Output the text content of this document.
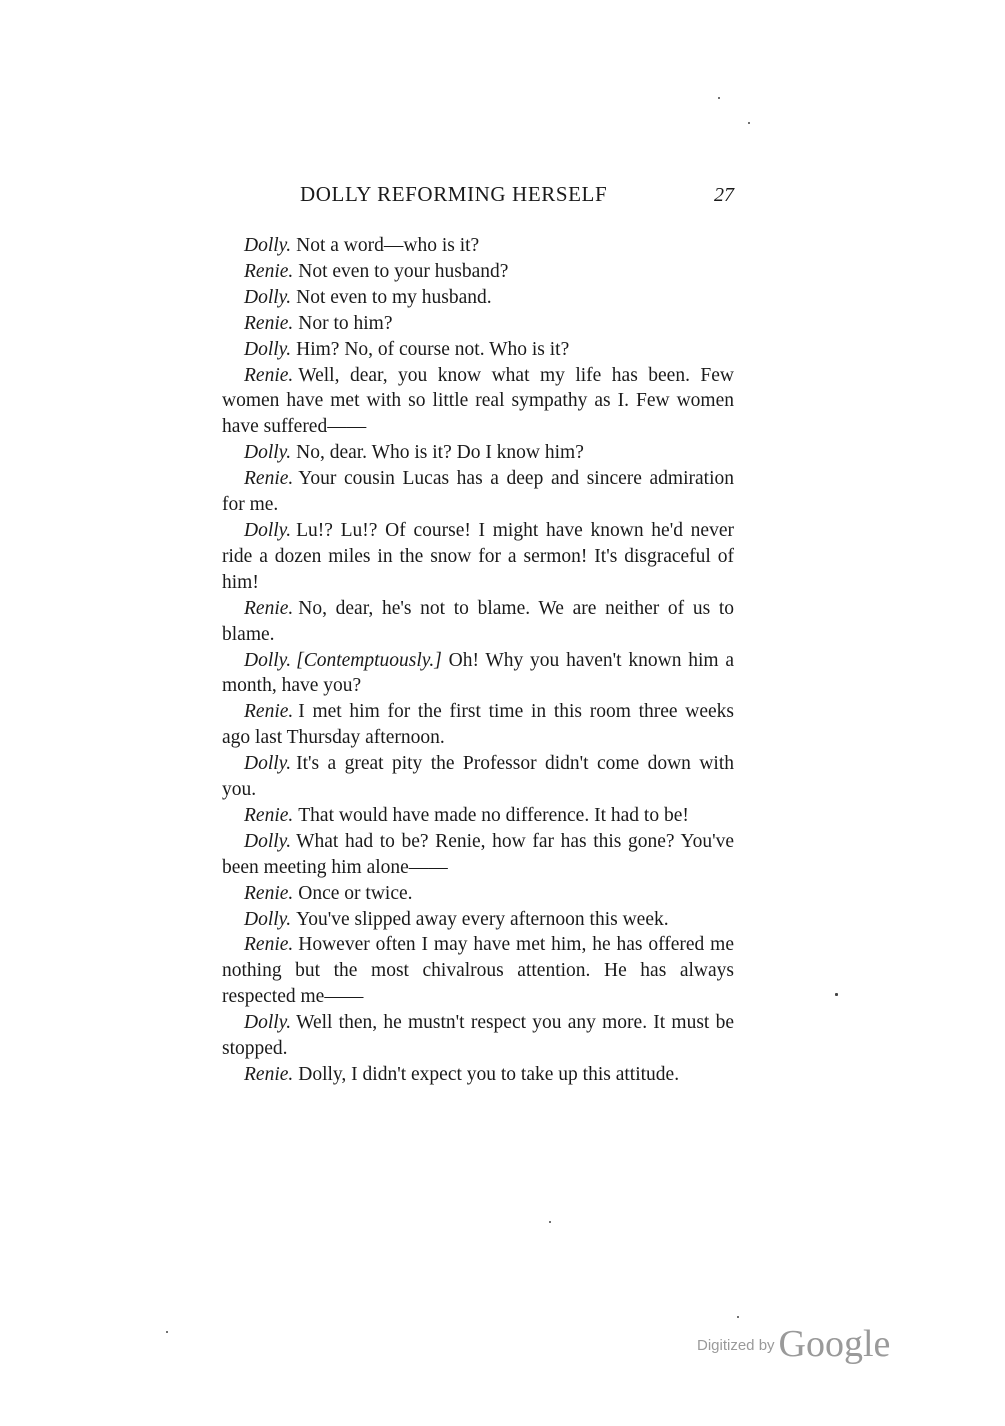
DOLLY REFORMING HERSELF	27

Dolly. Not a word—who is it?

Renie. Not even to your husband?

Dolly. Not even to my husband.

Renie. Nor to him?

Dolly. Him? No, of course not. Who is it?

Renie. Well, dear, you know what my life has been. Few women have met with so little real sympathy as I. Few women have suffered——

Dolly. No, dear. Who is it? Do I know him?

Renie. Your cousin Lucas has a deep and sincere admiration for me.

Dolly. Lu!? Lu!? Of course! I might have known he'd never ride a dozen miles in the snow for a sermon! It's disgraceful of him!

Renie. No, dear, he's not to blame. We are neither of us to blame.

Dolly. [Contemptuously.] Oh! Why you haven't known him a month, have you?

Renie. I met him for the first time in this room three weeks ago last Thursday afternoon.

Dolly. It's a great pity the Professor didn't come down with you.

Renie. That would have made no difference. It had to be!

Dolly. What had to be? Renie, how far has this gone? You've been meeting him alone——

Renie. Once or twice.

Dolly. You've slipped away every afternoon this week.

Renie. However often I may have met him, he has offered me nothing but the most chivalrous attention. He has always respected me——

Dolly. Well then, he mustn't respect you any more. It must be stopped.

Renie. Dolly, I didn't expect you to take up this attitude.

Digitized by Google
